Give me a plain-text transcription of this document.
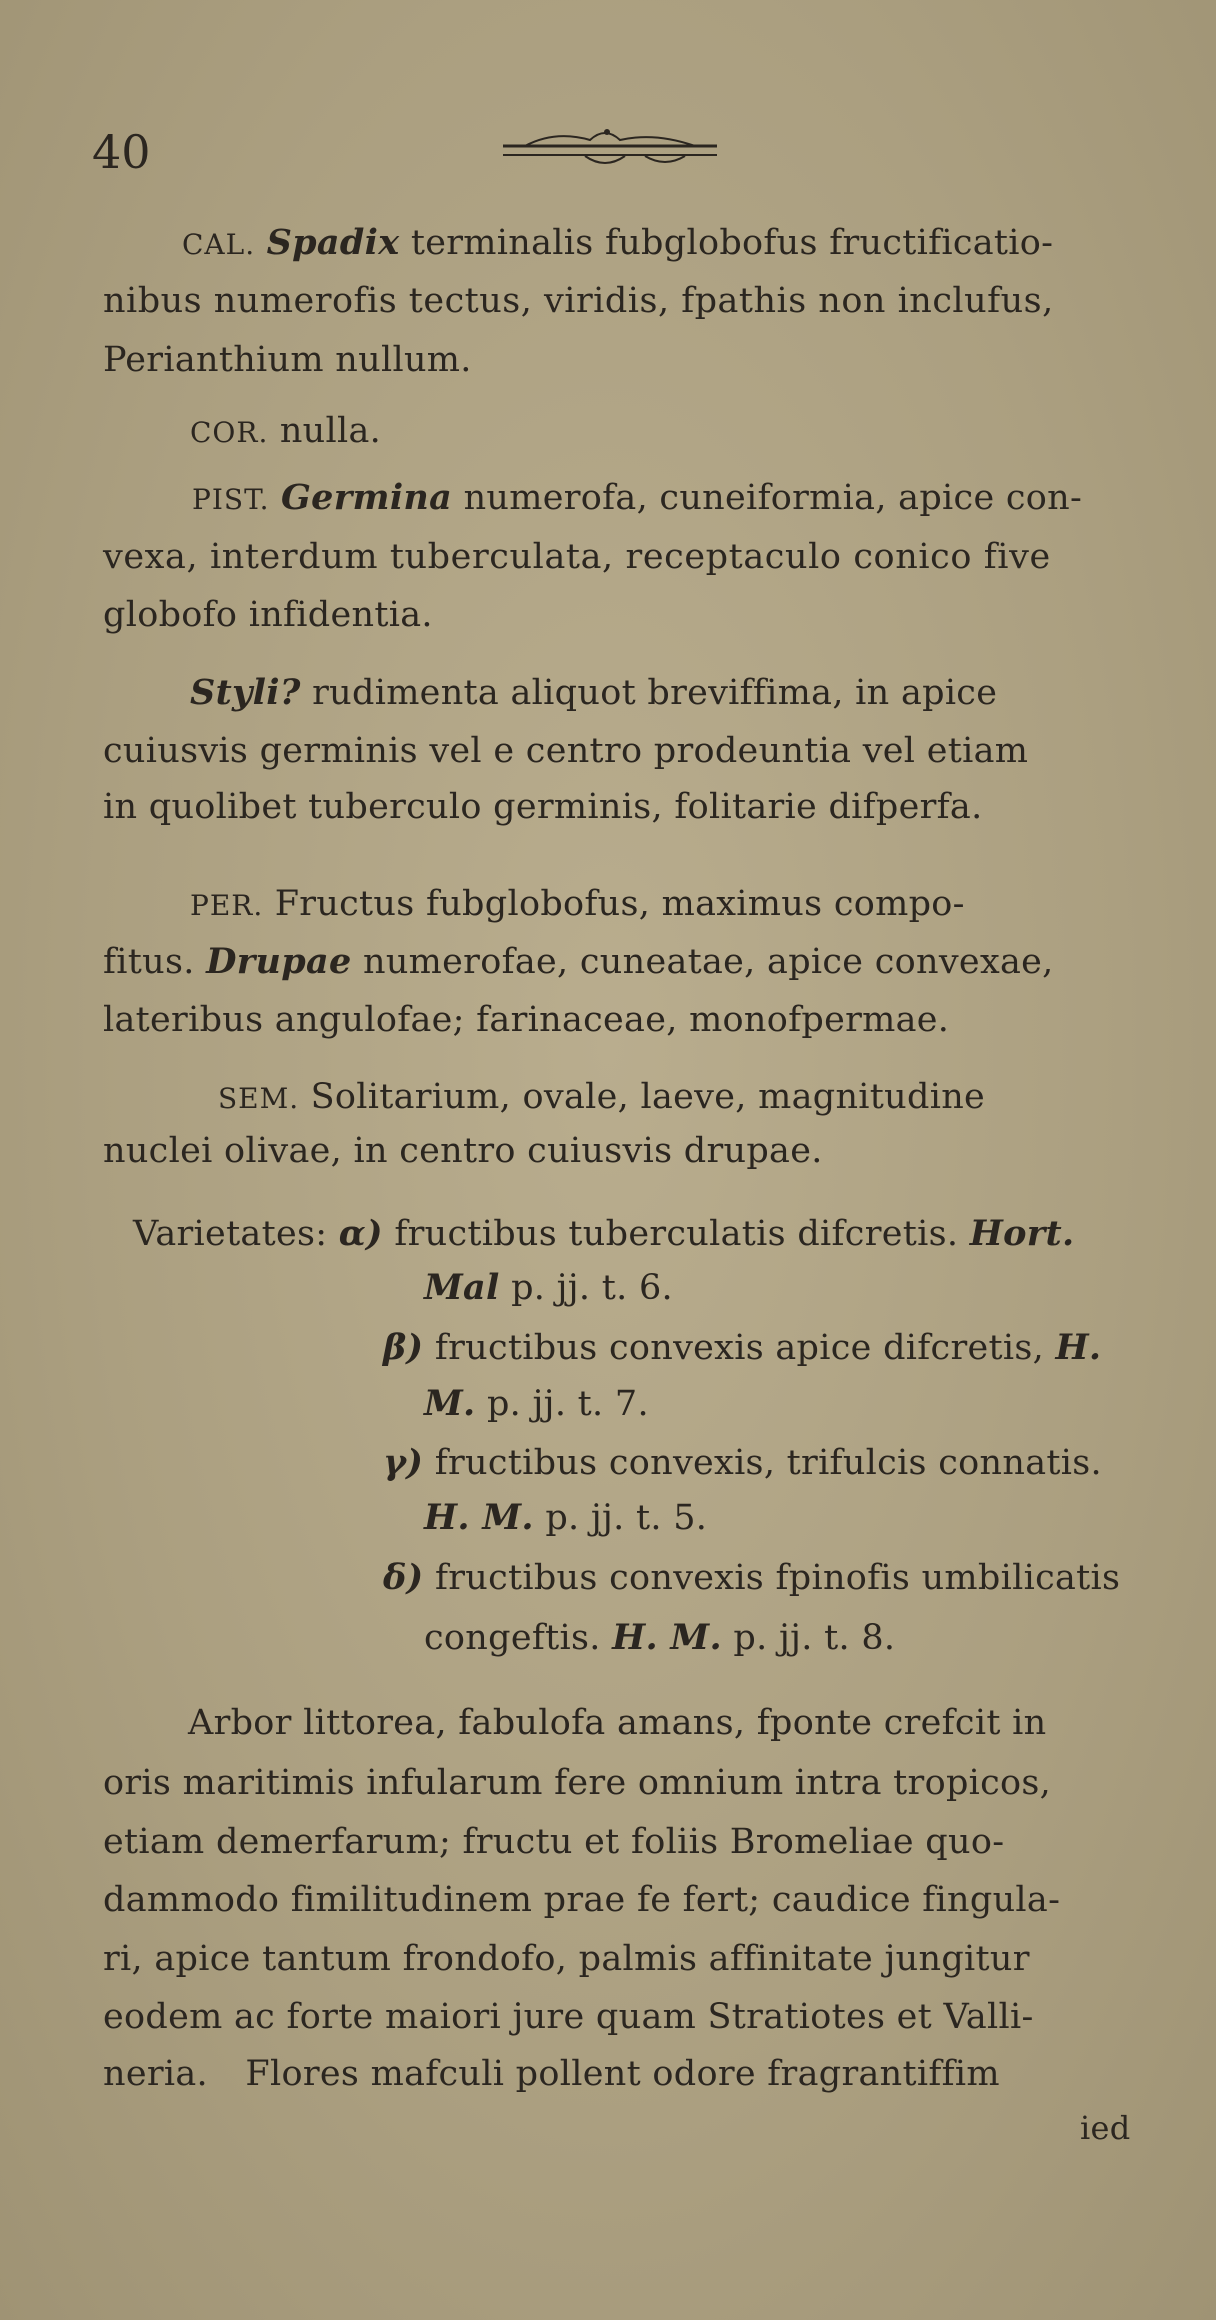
40
CAL. Spadix terminalis fubglobofus fructificatio-
nibus numerofis tectus, viridis, fpathis non inclufus,
Perianthium nullum.
COR. nulla.
PIST. Germina numerofa, cuneiformia, apice con-
vexa, interdum tuberculata, receptaculo conico five
globofo infidentia.
Styli? rudimenta aliquot breviffima, in apice
cuiusvis germinis vel e centro prodeuntia vel etiam
in quolibet tuberculo germinis, folitarie difperfa.
PER. Fructus fubglobofus, maximus compo-
fitus. Drupae numerofae, cuneatae, apice convexae,
lateribus angulofae; farinaceae, monofpermae.
SEM. Solitarium, ovale, laeve, magnitudine
nuclei olivae, in centro cuiusvis drupae.
Varietates: α) fructibus tuberculatis difcretis. Hort.
Mal p. jj. t. 6.
β) fructibus convexis apice difcretis, H.
M. p. jj. t. 7.
γ) fructibus convexis, trifulcis connatis.
H. M. p. jj. t. 5.
δ) fructibus convexis fpinofis umbilicatis
congeftis. H. M. p. jj. t. 8.
Arbor littorea, fabulofa amans, fponte crefcit in
oris maritimis infularum fere omnium intra tropicos,
etiam demerfarum; fructu et foliis Bromeliae quo-
dammodo fimilitudinem prae fe fert; caudice fingula-
ri, apice tantum frondofo, palmis affinitate jungitur
eodem ac forte maiori jure quam Stratiotes et Valli-
neria. Flores mafculi pollent odore fragrantiffim
ied
